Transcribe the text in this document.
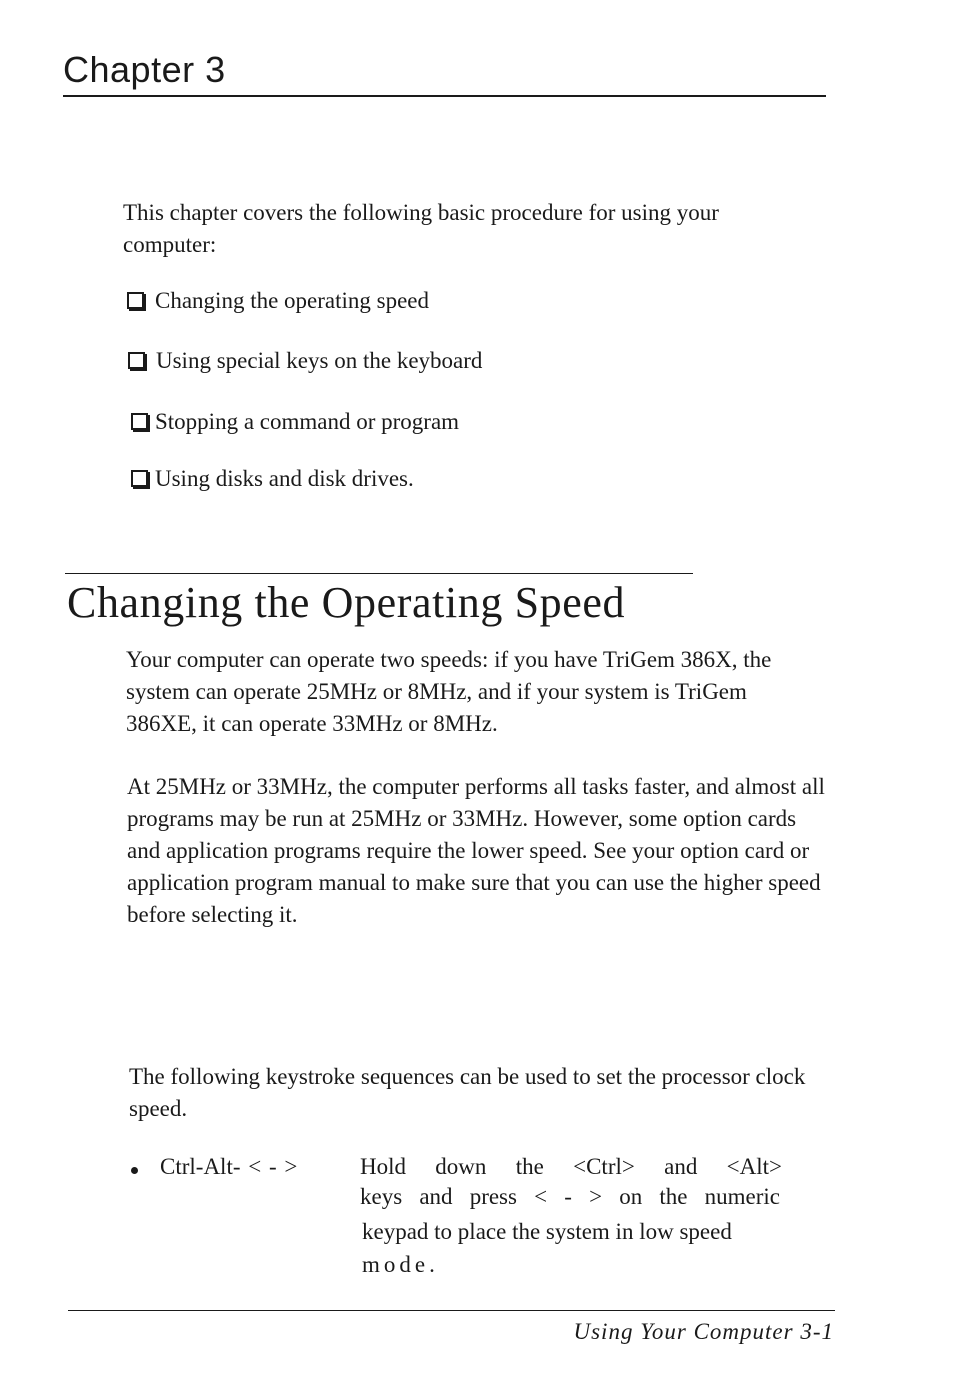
Chapter 3

This chapter covers the following basic procedure for using your computer:

Changing the operating speed
Using special keys on the keyboard
Stopping a command or program
Using disks and disk drives.
Changing the Operating Speed

Your computer can operate two speeds: if you have TriGem 386X, the system can operate 25MHz or 8MHz, and if your system is TriGem 386XE, it can operate 33MHz or 8MHz.

At 25MHz or 33MHz, the computer performs all tasks faster, and almost all programs may be run at 25MHz or 33MHz. However, some option cards and application programs require the lower speed. See your option card or application program manual to make sure that you can use the higher speed before selecting it.

The following keystroke sequences can be used to set the processor clock speed.

Ctrl-Alt- < - >	Hold down the <Ctrl> and <Alt>
keys and press < - > on the numeric
keypad to place the system in low speed
mode.
Using Your Computer 3-1
